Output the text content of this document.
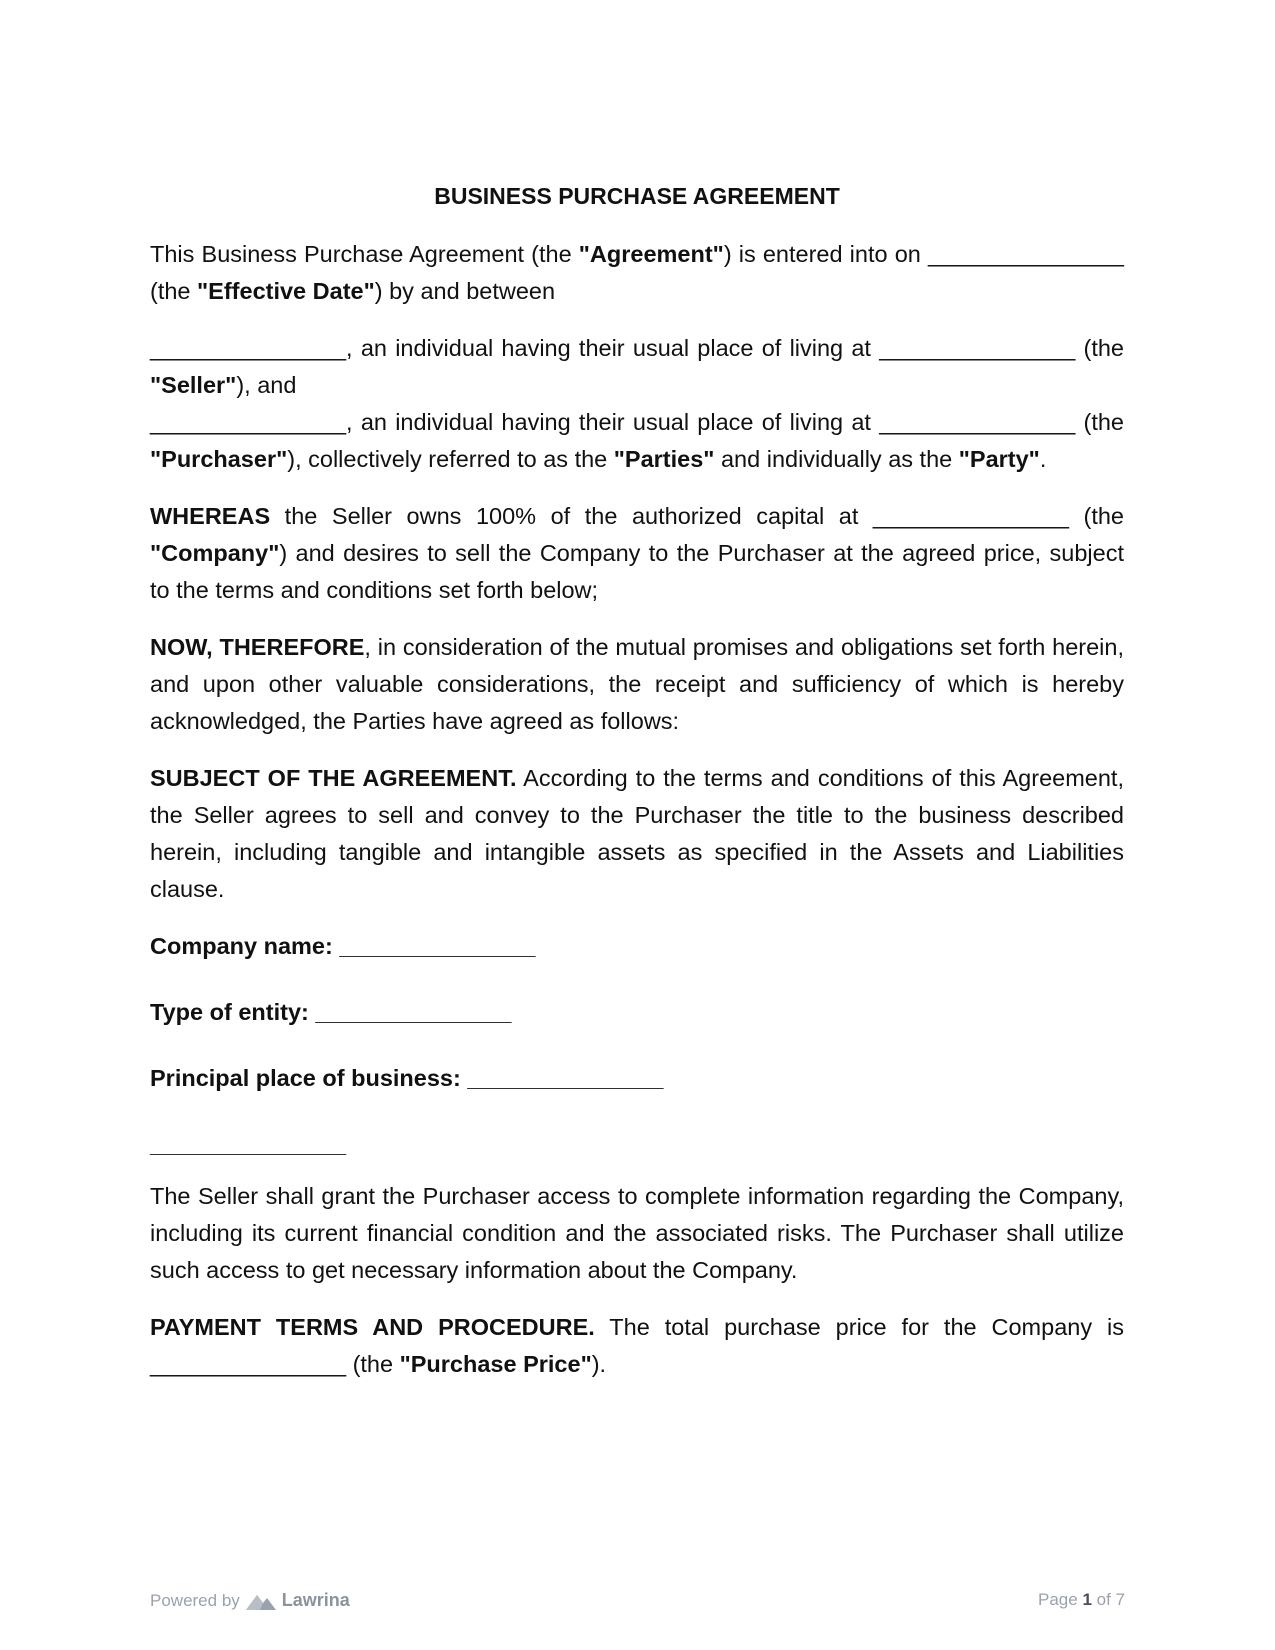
BUSINESS PURCHASE AGREEMENT

This Business Purchase Agreement (the "Agreement") is entered into on _______________ (the "Effective Date") by and between

_______________, an individual having their usual place of living at _______________ (the "Seller"), and

_______________, an individual having their usual place of living at _______________ (the "Purchaser"), collectively referred to as the "Parties" and individually as the "Party".

WHEREAS the Seller owns 100% of the authorized capital at _______________ (the "Company") and desires to sell the Company to the Purchaser at the agreed price, subject to the terms and conditions set forth below;

NOW, THEREFORE, in consideration of the mutual promises and obligations set forth herein, and upon other valuable considerations, the receipt and sufficiency of which is hereby acknowledged, the Parties have agreed as follows:

SUBJECT OF THE AGREEMENT. According to the terms and conditions of this Agreement, the Seller agrees to sell and convey to the Purchaser the title to the business described herein, including tangible and intangible assets as specified in the Assets and Liabilities clause.

Company name: _______________
Type of entity: _______________
Principal place of business: _______________
_______________

The Seller shall grant the Purchaser access to complete information regarding the Company, including its current financial condition and the associated risks. The Purchaser shall utilize such access to get necessary information about the Company.

PAYMENT TERMS AND PROCEDURE. The total purchase price for the Company is _______________ (the "Purchase Price").

Powered by Lawrina	Page 1 of 7
